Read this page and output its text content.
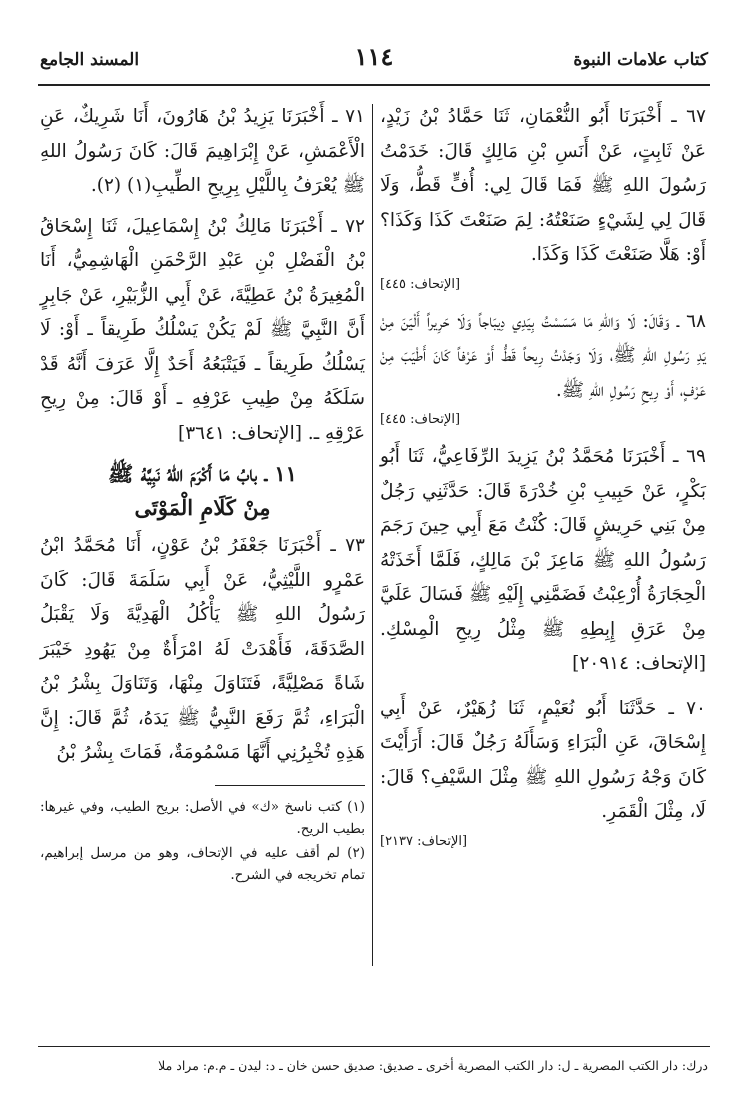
كتاب علامات النبوة
١١٤
المسند الجامع

٦٧ ـ أَخْبَرَنَا أَبُو النُّعْمَانِ، ثَنَا حَمَّادُ بْنُ زَيْدٍ، عَنْ ثَابِتٍ، عَنْ أَنَسِ بْنِ مَالِكٍ قَالَ: خَدَمْتُ رَسُولَ اللهِ ﷺ فَمَا قَالَ لِي: أُفٍّ قَطُّ، وَلَا قَالَ لِي لِشَيْءٍ صَنَعْتُهُ: لِمَ صَنَعْتَ كَذَا وَكَذَا؟ أَوْ: هَلَّا صَنَعْتَ كَذَا وَكَذَا.

[الإتحاف: ٤٤٥]

٦٨ ـ وَقَالَ: لَا وَاللهِ مَا مَسَسْتُ بِيَدِي دِيبَاجاً وَلَا حَرِيراً أَلْيَنَ مِنْ يَدِ رَسُولِ اللهِ ﷺ، وَلَا وَجَدْتُ رِيحاً قَطُّ أَوْ عَرْفاً كَانَ أَطْيَبَ مِنْ عَرْفٍ، أَوْ رِيحِ رَسُولِ اللهِ ﷺ.

[الإتحاف: ٤٤٥]

٦٩ ـ أَخْبَرَنَا مُحَمَّدُ بْنُ يَزِيدَ الرِّفَاعِيُّ، ثَنَا أَبُو بَكْرٍ، عَنْ حَبِيبِ بْنِ خُدْرَةَ قَالَ: حَدَّثَنِي رَجُلٌ مِنْ بَنِي حَرِيشٍ قَالَ: كُنْتُ مَعَ أَبِي حِينَ رَجَمَ رَسُولُ اللهِ ﷺ مَاعِزَ بْنَ مَالِكٍ، فَلَمَّا أَخَذَتْهُ الْحِجَارَةُ أُرْعِبْتُ فَضَمَّنِي إِلَيْهِ ﷺ فَسَالَ عَلَيَّ مِنْ عَرَقِ إِبِطِهِ ﷺ مِثْلُ رِيحِ الْمِسْكِ. [الإتحاف: ٢٠٩١٤]

٧٠ ـ حَدَّثَنَا أَبُو نُعَيْمٍ، ثَنَا زُهَيْرٌ، عَنْ أَبِي إِسْحَاقَ، عَنِ الْبَرَاءِ وَسَأَلَهُ رَجُلٌ قَالَ: أَرَأَيْتَ كَانَ وَجْهُ رَسُولِ اللهِ ﷺ مِثْلَ السَّيْفِ؟ قَالَ: لَا، مِثْلَ الْقَمَرِ.

[الإتحاف: ٢١٣٧]

٧١ ـ أَخْبَرَنَا يَزِيدُ بْنُ هَارُونَ، أَنَا شَرِيكٌ، عَنِ الْأَعْمَشِ، عَنْ إِبْرَاهِيمَ قَالَ: كَانَ رَسُولُ اللهِ ﷺ يُعْرَفُ بِاللَّيْلِ بِرِيحِ الطِّيبِ(١) (٢).

٧٢ ـ أَخْبَرَنَا مَالِكُ بْنُ إِسْمَاعِيلَ، ثَنَا إِسْحَاقُ بْنُ الْفَضْلِ بْنِ عَبْدِ الرَّحْمَنِ الْهَاشِمِيُّ، أَنَا الْمُغِيرَةُ بْنُ عَطِيَّةَ، عَنْ أَبِي الزُّبَيْرِ، عَنْ جَابِرٍ أَنَّ النَّبِيَّ ﷺ لَمْ يَكُنْ يَسْلُكُ طَرِيقاً ـ أَوْ: لَا يَسْلُكُ طَرِيقاً ـ فَيَتْبَعُهُ أَحَدٌ إِلَّا عَرَفَ أَنَّهُ قَدْ سَلَكَهُ مِنْ طِيبِ عَرْفِهِ ـ أَوْ قَالَ: مِنْ رِيحِ عَرْقِهِ ـ. [الإتحاف: ٣٦٤١]

١١ ـ بابُ مَا أَكْرَمَ اللهُ نَبِيَّهُ ﷺ
مِنْ كَلَامِ الْمَوْتَى

٧٣ ـ أَخْبَرَنَا جَعْفَرُ بْنُ عَوْنٍ، أَنَا مُحَمَّدُ ابْنُ عَمْرٍو اللَّيْثِيُّ، عَنْ أَبِي سَلَمَةَ قَالَ: كَانَ رَسُولُ اللهِ ﷺ يَأْكُلُ الْهَدِيَّةَ وَلَا يَقْبَلُ الصَّدَقَةَ، فَأَهْدَتْ لَهُ امْرَأَةٌ مِنْ يَهُودِ خَيْبَرَ شَاةً مَصْلِيَّةً، فَتَنَاوَلَ مِنْهَا، وَتَنَاوَلَ بِشْرُ بْنُ الْبَرَاءِ، ثُمَّ رَفَعَ النَّبِيُّ ﷺ يَدَهُ، ثُمَّ قَالَ: إِنَّ هَذِهِ تُخْبِرُنِي أَنَّهَا مَسْمُومَةٌ، فَمَاتَ بِشْرُ بْنُ

(١) كتب ناسخ «ك» في الأصل: بريح الطيب، وفي غيرها: بطيب الريح.

(٢) لم أقف عليه في الإتحاف، وهو من مرسل إبراهيم، تمام تخريجه في الشرح.

درك: دار الكتب المصرية ـ ل: دار الكتب المصرية أخرى ـ صديق: صديق حسن خان ـ د: ليدن ـ م.م: مراد ملا
